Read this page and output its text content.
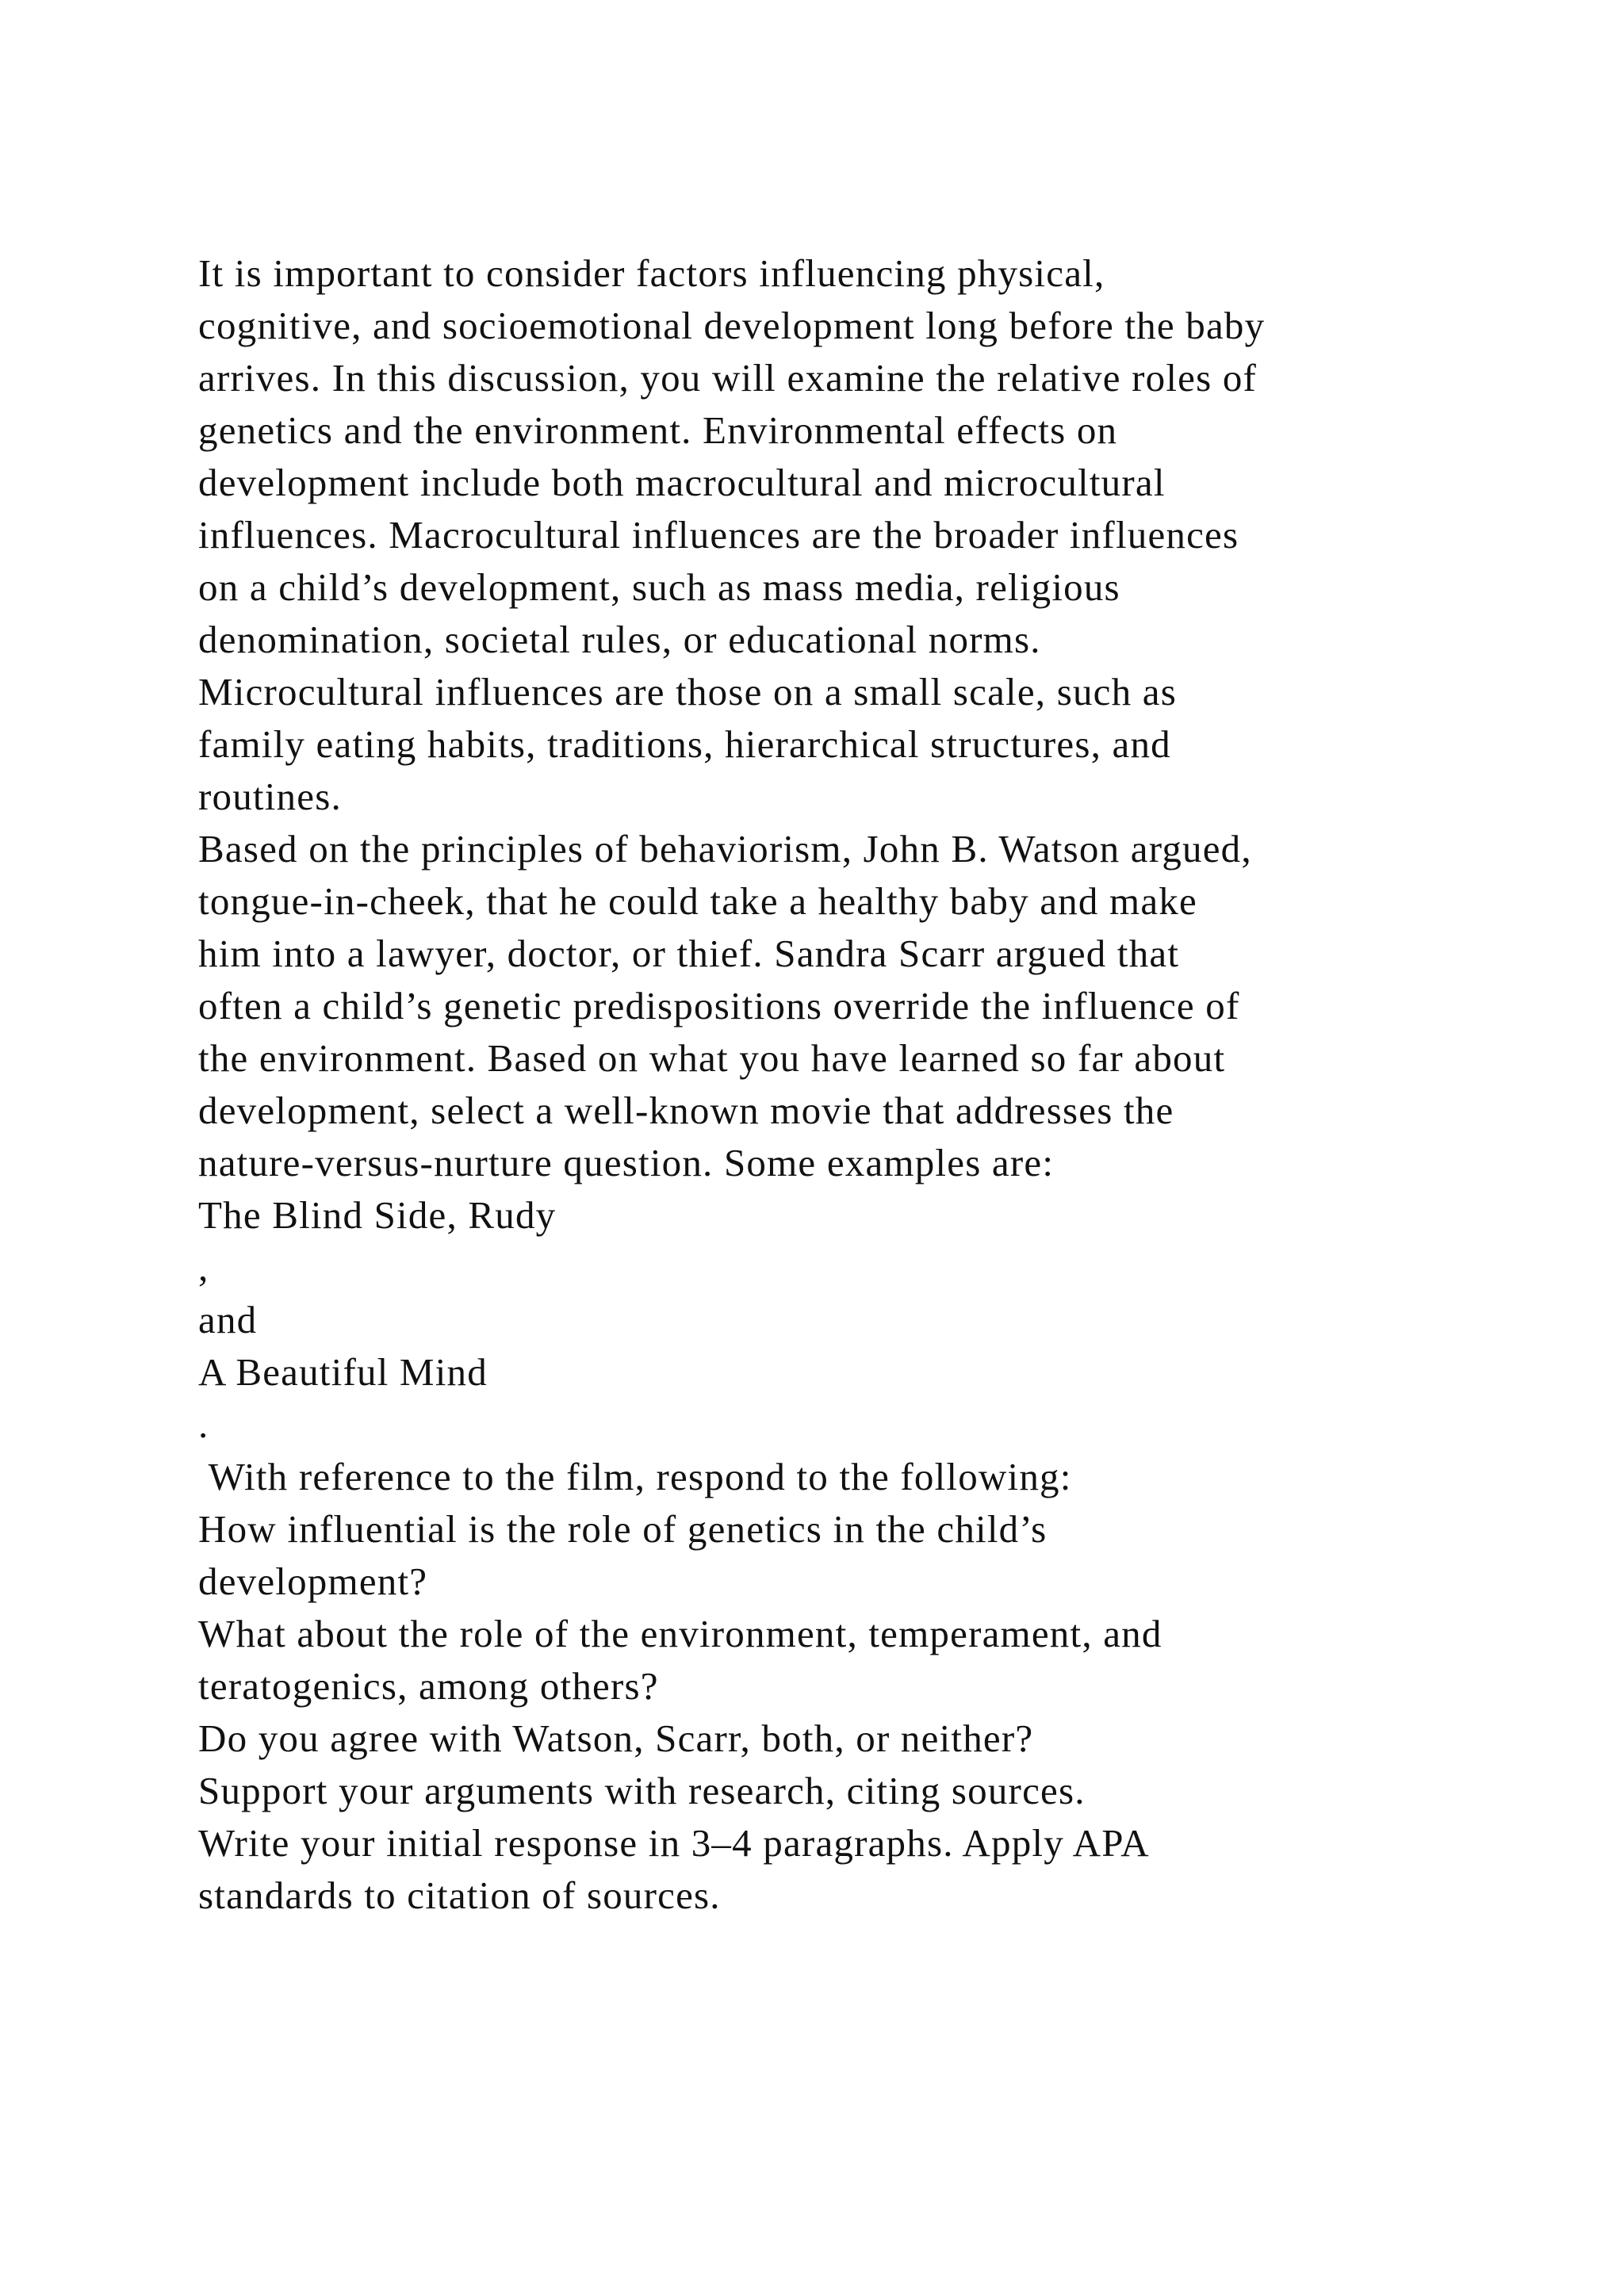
It is important to consider factors influencing physical,
cognitive, and socioemotional development long before the baby
arrives. In this discussion, you will examine the relative roles of
genetics and the environment. Environmental effects on
development include both macrocultural and microcultural
influences. Macrocultural influences are the broader influences
on a child’s development, such as mass media, religious
denomination, societal rules, or educational norms.
Microcultural influences are those on a small scale, such as
family eating habits, traditions, hierarchical structures, and
routines.
Based on the principles of behaviorism, John B. Watson argued,
tongue-in-cheek, that he could take a healthy baby and make
him into a lawyer, doctor, or thief. Sandra Scarr argued that
often a child’s genetic predispositions override the influence of
the environment. Based on what you have learned so far about
development, select a well-known movie that addresses the
nature-versus-nurture question. Some examples are:
The Blind Side, Rudy
,
and
A Beautiful Mind
.
With reference to the film, respond to the following:
How influential is the role of genetics in the child’s
development?
What about the role of the environment, temperament, and
teratogenics, among others?
Do you agree with Watson, Scarr, both, or neither?
Support your arguments with research, citing sources.
Write your initial response in 3–4 paragraphs. Apply APA
standards to citation of sources.
